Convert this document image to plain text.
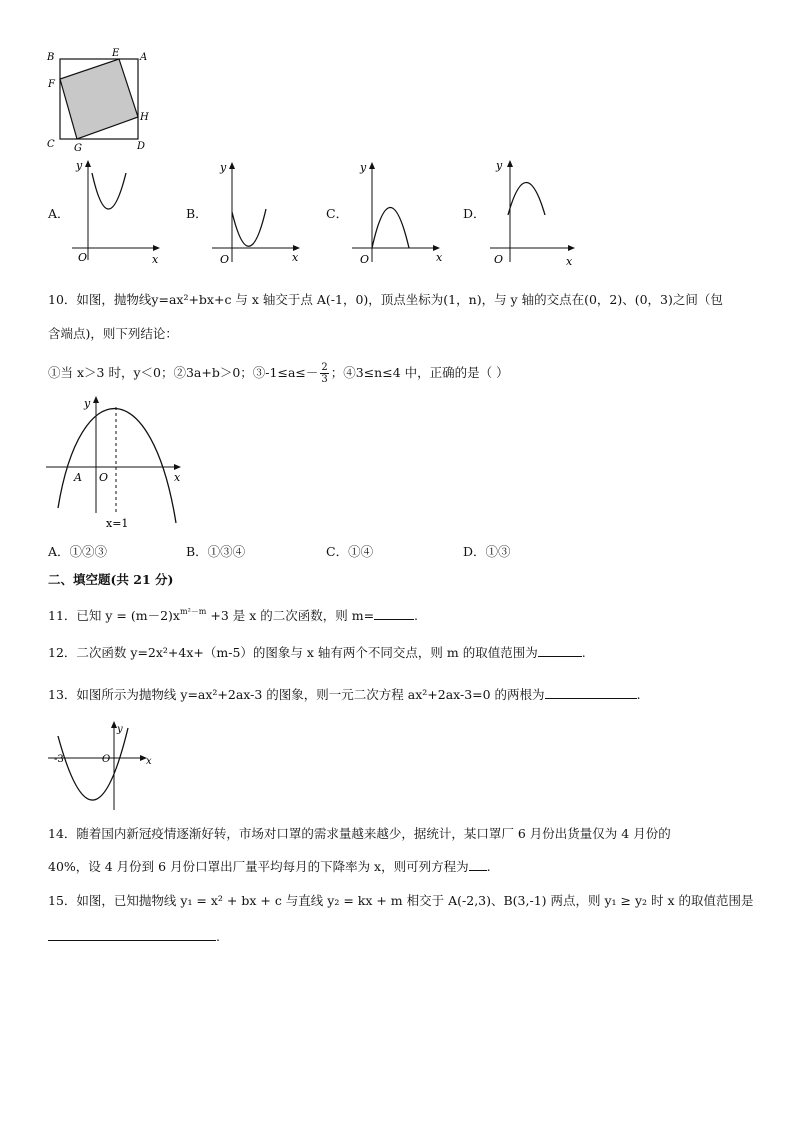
B	E A
F
H
C G	D
A．
y
O	x
B．
y
O	x
C．
y
O	x
D．
y
O	x
10．如图，抛物线y=ax²+bx+c 与 x 轴交于点 A(-1，0)，顶点坐标为(1，n)，与 y 轴的交点在(0，2)、(0，3)之间（包
含端点)，则下列结论：
①当 x＞3 时，y＜0；②3a+b＞0；③-1≤a≤－ $\frac{2}{3}$ ；④3≤n≤4 中，正确的是（ ）
y
A O	x
x=1
A．①②③	B．①③④	C．①④	D．①③
二、填空题(共 21 分)
11．已知 $y = (m-2)x^{m^2-m} +3$ 是 x 的二次函数，则 m=	.
12．二次函数 y=2x²+4x+（m-5）的图象与 x 轴有两个不同交点，则 m 的取值范围为	.
13．如图所示为抛物线 y=ax²+2ax-3 的图象，则一元二次方程 ax²+2ax-3=0 的两根为	.
y
-3	O	x
14．随着国内新冠疫情逐渐好转，市场对口罩的需求量越来越少，据统计，某口罩厂 6 月份出货量仅为 4 月份的
40%，设 4 月份到 6 月份口罩出厂量平均每月的下降率为 x，则可列方程为 .
15．如图，已知抛物线 y₁ = x² + bx + c 与直线 y₂ = kx + m 相交于 A(-2,3)、B(3,-1) 两点，则 y₁ ≥ y₂ 时 x 的取值范围是
.
